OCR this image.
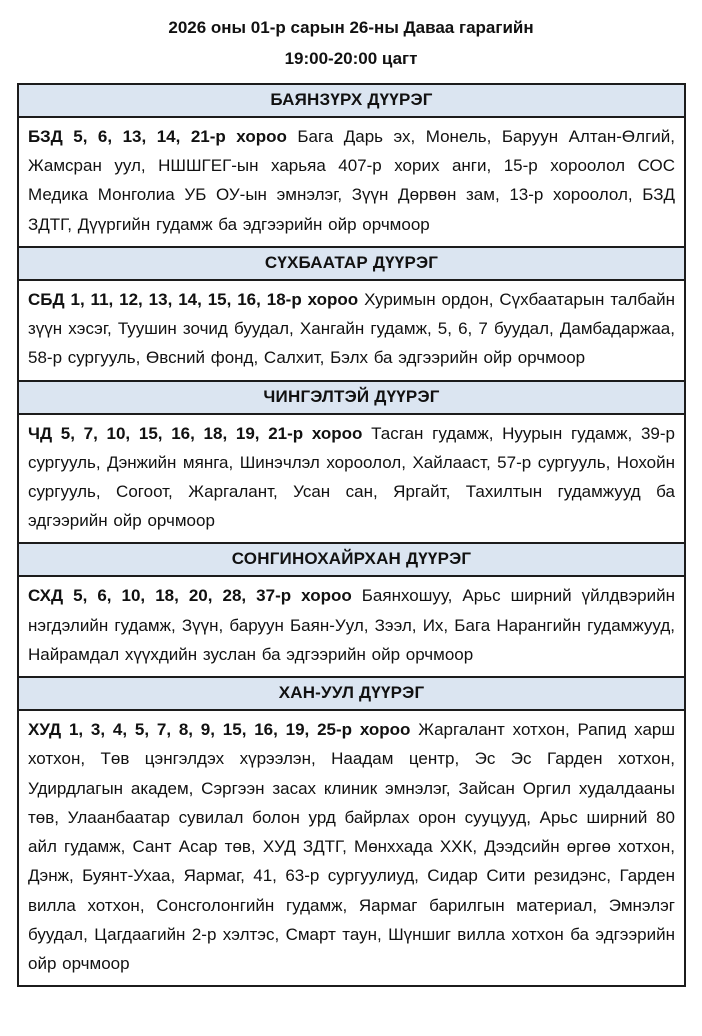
2026 оны 01-р сарын 26-ны Даваа гарагийн
19:00-20:00 цагт
БАЯНЗҮРХ ДҮҮРЭГ
БЗД 5, 6, 13, 14, 21-р хороо Бага Дарь эх, Монель, Баруун Алтан-Өлгий, Жамсран уул, НШШГЕГ-ын харьяа 407-р хорих анги, 15-р хороолол СОС Медика Монголиа УБ ОУ-ын эмнэлэг, Зүүн Дөрвөн зам, 13-р хороолол, БЗД ЗДТГ, Дүүргийн гудамж ба эдгээрийн ойр орчмоор
СҮХБААТАР ДҮҮРЭГ
СБД 1, 11, 12, 13, 14, 15, 16, 18-р хороо Хуримын ордон, Сүхбаатарын талбайн зүүн хэсэг, Туушин зочид буудал, Хангайн гудамж, 5, 6, 7 буудал, Дамбадаржаа, 58-р сургууль, Өвсний фонд, Салхит, Бэлх ба эдгээрийн ойр орчмоор
ЧИНГЭЛТЭЙ ДҮҮРЭГ
ЧД 5, 7, 10, 15, 16, 18, 19, 21-р хороо Тасган гудамж, Нуурын гудамж, 39-р сургууль, Дэнжийн мянга, Шинэчлэл хороолол, Хайлааст, 57-р сургууль, Нохойн сургууль, Согоот, Жаргалант, Усан сан, Яргайт, Тахилтын гудамжууд ба эдгээрийн ойр орчмоор
СОНГИНОХАЙРХАН ДҮҮРЭГ
СХД 5, 6, 10, 18, 20, 28, 37-р хороо Баянхошуу, Арьс ширний үйлдвэрийн нэгдэлийн гудамж, Зүүн, баруун Баян-Уул, Зээл, Их, Бага Нарангийн гудамжууд, Найрамдал хүүхдийн зуслан ба эдгээрийн ойр орчмоор
ХАН-УУЛ ДҮҮРЭГ
ХУД 1, 3, 4, 5, 7, 8, 9, 15, 16, 19, 25-р хороо Жаргалант хотхон, Рапид харш хотхон, Төв цэнгэлдэх хүрээлэн, Наадам центр, Эс Эс Гарден хотхон, Удирдлагын академ, Сэргээн засах клиник эмнэлэг, Зайсан Оргил худалдааны төв, Улаанбаатар сувилал болон урд байрлах орон сууцууд, Арьс ширний 80 айл гудамж, Сант Асар төв, ХУД ЗДТГ, Мөнххада ХХК, Дээдсийн өргөө хотхон, Дэнж, Буянт-Ухаа, Яармаг, 41, 63-р сургуулиуд, Сидар Сити резидэнс, Гарден вилла хотхон, Сонсголонгийн гудамж, Яармаг барилгын материал, Эмнэлэг буудал, Цагдаагийн 2-р хэлтэс, Смарт таун, Шүншиг вилла хотхон ба эдгээрийн ойр орчмоор
